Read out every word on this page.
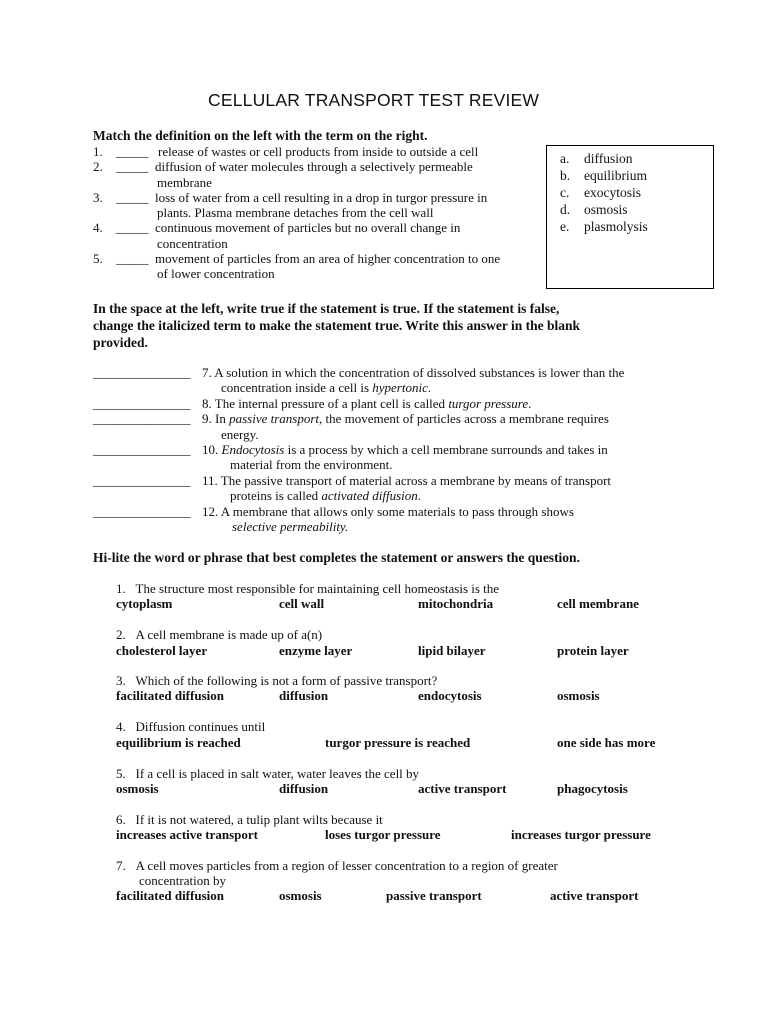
CELLULAR TRANSPORT TEST REVIEW
Match the definition on the left with the term on the right.
1. _____ release of wastes or cell products from inside to outside a cell
2. _____ diffusion of water molecules through a selectively permeable
membrane
3. _____ loss of water from a cell resulting in a drop in turgor pressure in
plants. Plasma membrane detaches from the cell wall
4. _____ continuous movement of particles but no overall change in
concentration
5. _____ movement of particles from an area of higher concentration to one
of lower concentration
a. diffusion
b. equilibrium
c. exocytosis
d. osmosis
e. plasmolysis
In the space at the left, write true if the statement is true. If the statement is false,
change the italicized term to make the statement true. Write this answer in the blank
provided.
_______________ 7. A solution in which the concentration of dissolved substances is lower than the
concentration inside a cell is hypertonic.
_______________ 8. The internal pressure of a plant cell is called turgor pressure.
_______________ 9. In passive transport, the movement of particles across a membrane requires
energy.
_______________ 10. Endocytosis is a process by which a cell membrane surrounds and takes in
material from the environment.
_______________ 11. The passive transport of material across a membrane by means of transport
proteins is called activated diffusion.
_______________ 12. A membrane that allows only some materials to pass through shows
selective permeability.
Hi-lite the word or phrase that best completes the statement or answers the question.
1. The structure most responsible for maintaining cell homeostasis is the
cytoplasm	cell wall	mitochondria	cell membrane
2. A cell membrane is made up of a(n)
cholesterol layer	enzyme layer	lipid bilayer	protein layer
3. Which of the following is not a form of passive transport?
facilitated diffusion	diffusion	endocytosis	osmosis
4. Diffusion continues until
equilibrium is reached	turgor pressure is reached	one side has more
5. If a cell is placed in salt water, water leaves the cell by
osmosis	diffusion	active transport	phagocytosis
6. If it is not watered, a tulip plant wilts because it
increases active transport	loses turgor pressure	increases turgor pressure
7. A cell moves particles from a region of lesser concentration to a region of greater
concentration by
facilitated diffusion	osmosis	passive transport	active transport
